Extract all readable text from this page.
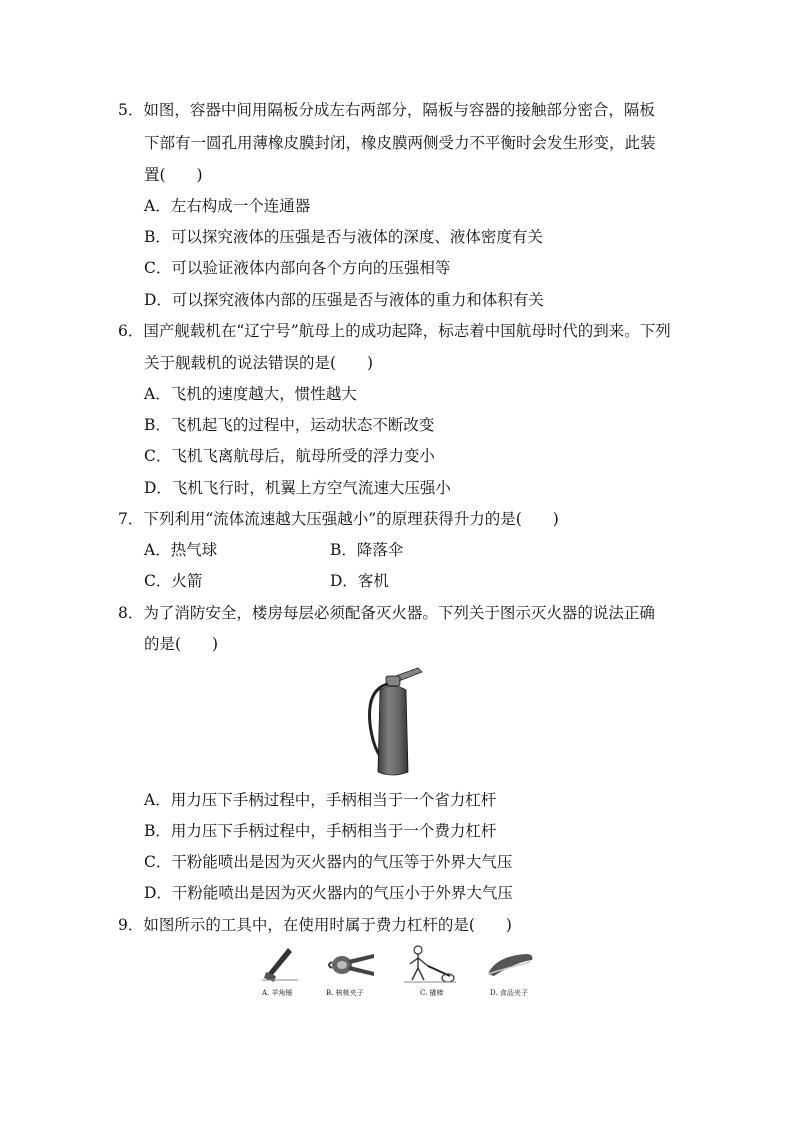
5．如图，容器中间用隔板分成左右两部分，隔板与容器的接触部分密合，隔板
下部有一圆孔用薄橡皮膜封闭，橡皮膜两侧受力不平衡时会发生形变，此装
置(　　)
A．左右构成一个连通器
B．可以探究液体的压强是否与液体的深度、液体密度有关
C．可以验证液体内部向各个方向的压强相等
D．可以探究液体内部的压强是否与液体的重力和体积有关
6．国产舰载机在“辽宁号”航母上的成功起降，标志着中国航母时代的到来。下列
关于舰载机的说法错误的是(　　)
A．飞机的速度越大，惯性越大
B．飞机起飞的过程中，运动状态不断改变
C．飞机飞离航母后，航母所受的浮力变小
D．飞机飞行时，机翼上方空气流速大压强小
7．下列利用“流体流速越大压强越小”的原理获得升力的是(　　)
A．热气球	B．降落伞
C．火箭	D．客机
8．为了消防安全，楼房每层必须配备灭火器。下列关于图示灭火器的说法正确
的是(　　)
A．用力压下手柄过程中，手柄相当于一个省力杠杆
B．用力压下手柄过程中，手柄相当于一个费力杠杆
C．干粉能喷出是因为灭火器内的气压等于外界大气压
D．干粉能喷出是因为灭火器内的气压小于外界大气压
9．如图所示的工具中，在使用时属于费力杠杆的是(　　)
A. 羊角锤	B. 核桃夹子	C. 撬棒	D. 食品夹子
